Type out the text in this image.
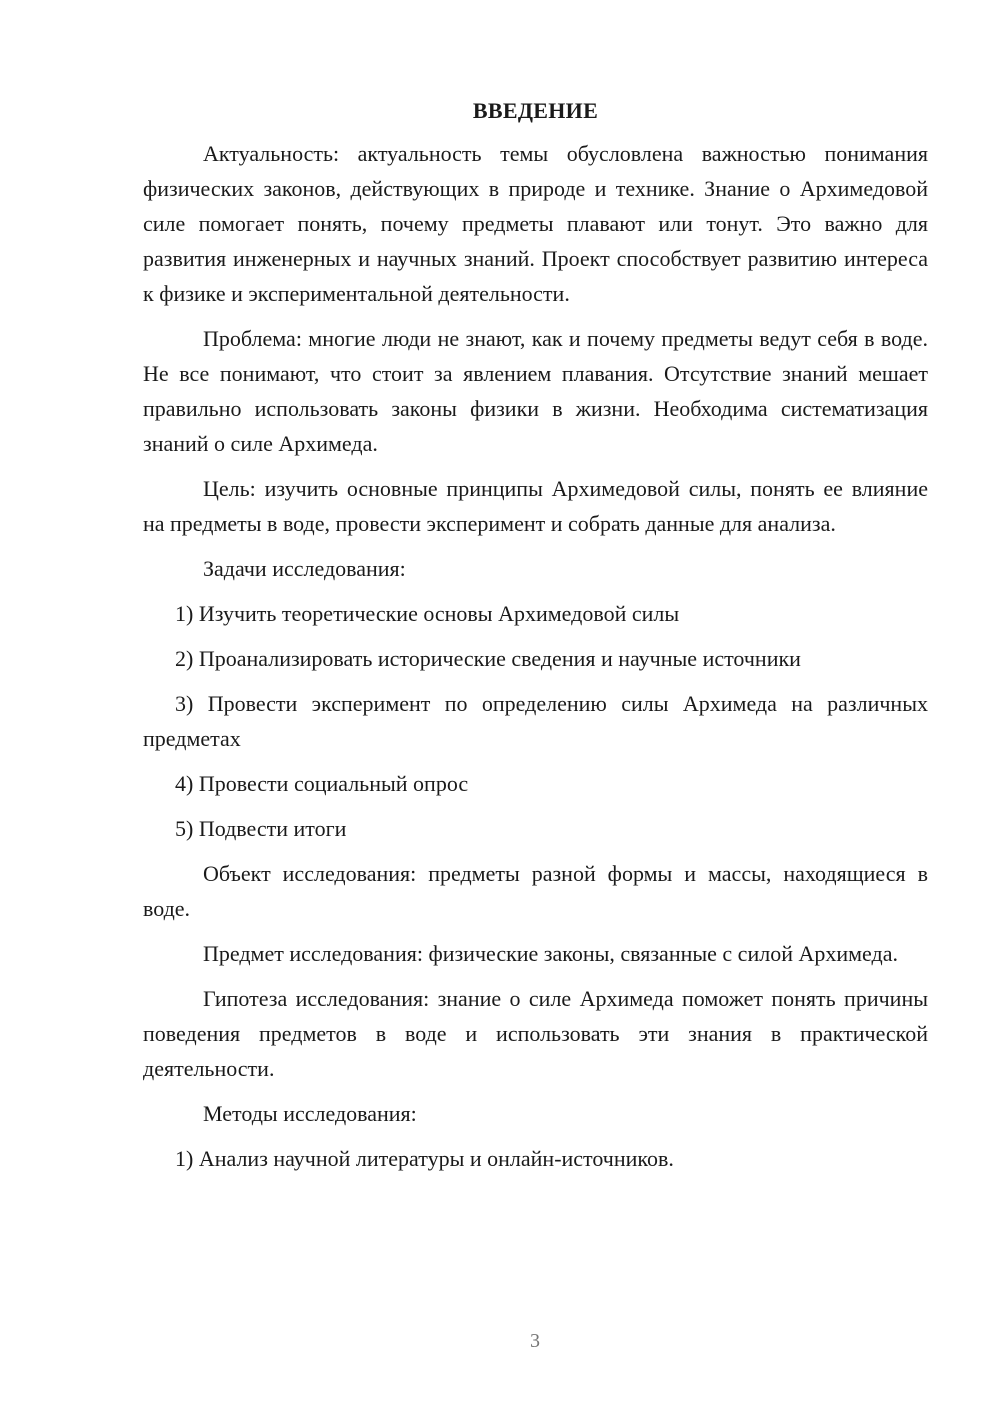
ВВЕДЕНИЕ

Актуальность: актуальность темы обусловлена важностью понимания физических законов, действующих в природе и технике. Знание о Архимедовой силе помогает понять, почему предметы плавают или тонут. Это важно для развития инженерных и научных знаний. Проект способствует развитию интереса к физике и экспериментальной деятельности.

Проблема: многие люди не знают, как и почему предметы ведут себя в воде. Не все понимают, что стоит за явлением плавания. Отсутствие знаний мешает правильно использовать законы физики в жизни. Необходима систематизация знаний о силе Архимеда.

Цель: изучить основные принципы Архимедовой силы, понять ее влияние на предметы в воде, провести эксперимент и собрать данные для анализа.

Задачи исследования:

1) Изучить теоретические основы Архимедовой силы

2) Проанализировать исторические сведения и научные источники

3) Провести эксперимент по определению силы Архимеда на различных предметах

4) Провести социальный опрос

5) Подвести итоги

Объект исследования: предметы разной формы и массы, находящиеся в воде.

Предмет исследования: физические законы, связанные с силой Архимеда.

Гипотеза исследования: знание о силе Архимеда поможет понять причины поведения предметов в воде и использовать эти знания в практической деятельности.

Методы исследования:

1) Анализ научной литературы и онлайн-источников.

3
